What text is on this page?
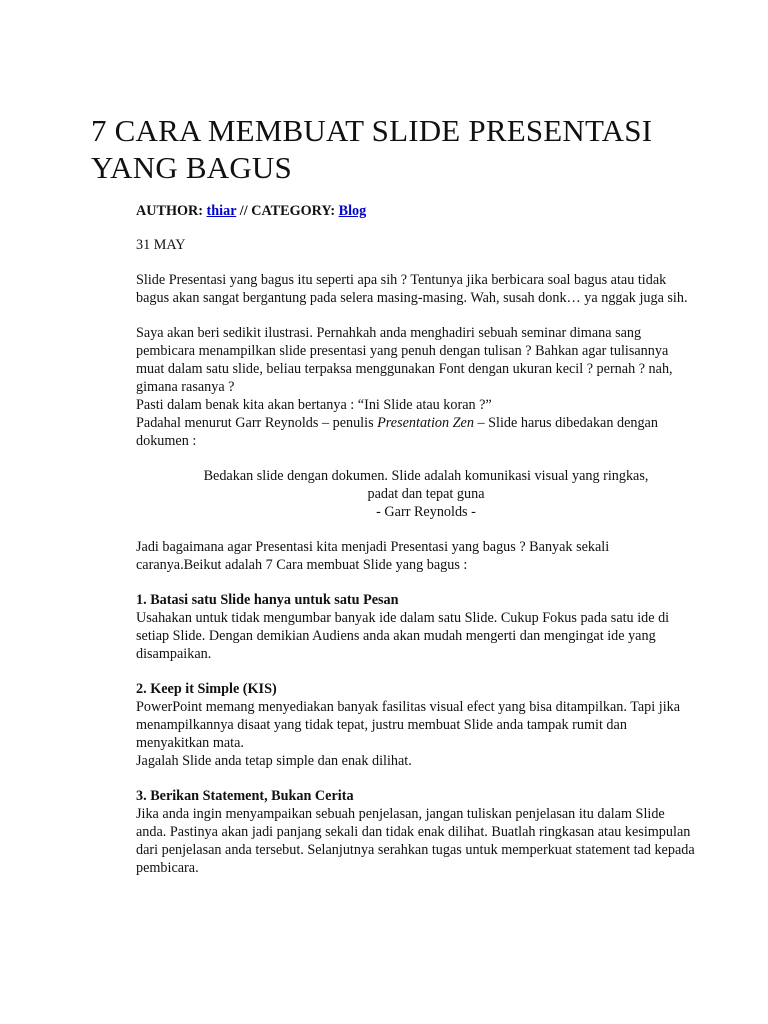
7 CARA MEMBUAT SLIDE PRESENTASI
YANG BAGUS

AUTHOR: thiar // CATEGORY: Blog

31 MAY

Slide Presentasi yang bagus itu seperti apa sih ? Tentunya jika berbicara soal bagus atau tidak bagus akan sangat bergantung pada selera masing-masing. Wah, susah donk… ya nggak juga sih.

Saya akan beri sedikit ilustrasi. Pernahkah anda menghadiri sebuah seminar dimana sang pembicara menampilkan slide presentasi yang penuh dengan tulisan ? Bahkan agar tulisannya muat dalam satu slide, beliau terpaksa menggunakan Font dengan ukuran kecil ? pernah ? nah, gimana rasanya ?

Pasti dalam benak kita akan bertanya : “Ini Slide atau koran ?”

Padahal menurut Garr Reynolds – penulis Presentation Zen – Slide harus dibedakan dengan dokumen :

Bedakan slide dengan dokumen. Slide adalah komunikasi visual yang ringkas,

padat dan tepat guna

- Garr Reynolds -

Jadi bagaimana agar Presentasi kita menjadi Presentasi yang bagus ? Banyak sekali caranya.Beikut adalah 7 Cara membuat Slide yang bagus :

1. Batasi satu Slide hanya untuk satu Pesan

Usahakan untuk tidak mengumbar banyak ide dalam satu Slide. Cukup Fokus pada satu ide di setiap Slide. Dengan demikian Audiens anda akan mudah mengerti dan mengingat ide yang disampaikan.

2. Keep it Simple (KIS)

PowerPoint memang menyediakan banyak fasilitas visual efect yang bisa ditampilkan. Tapi jika menampilkannya disaat yang tidak tepat, justru membuat Slide anda tampak rumit dan menyakitkan mata.

Jagalah Slide anda tetap simple dan enak dilihat.

3. Berikan Statement, Bukan Cerita

Jika anda ingin menyampaikan sebuah penjelasan, jangan tuliskan penjelasan itu dalam Slide anda. Pastinya akan jadi panjang sekali dan tidak enak dilihat. Buatlah ringkasan atau kesimpulan dari penjelasan anda tersebut. Selanjutnya serahkan tugas untuk memperkuat statement tad kepada pembicara.
